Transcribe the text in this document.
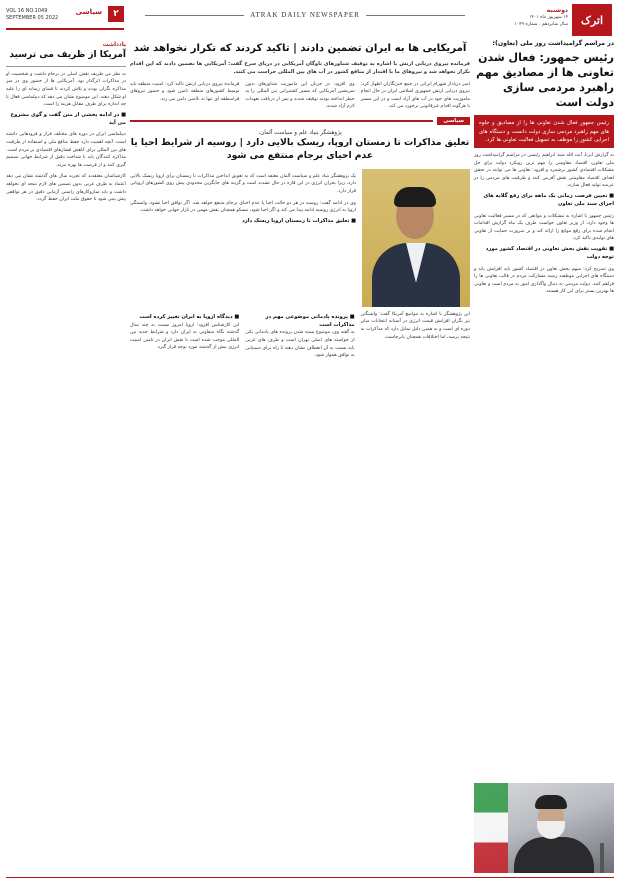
ATRAK DAILY NEWSPAPER	اترک
دوشنبه
۱۴ شهریور ماه ۱۴۰۱
سال شانزدهم . شماره ۱۰۴۹
VOL 16 NO.1049
SEPTEMBER 05 2022	۲
سیاسی
در مراسم گرامیداشت روز ملی (تعاون)؛
رئیس جمهور: فعال شدن تعاونی ها از مصادیق مهم راهبرد مردمی سازی دولت است
رئیس جمهور فعال شدن تعاونی ها را از مصادیق و جلوه های مهم راهبرد مردمی سازی دولت دانست و دستگاه های اجرایی کشور را موظف به تسهیل فعالیت تعاونی ها کرد.
به گزارش ایرنا، آیت الله سید ابراهیم رئیسی در مراسم گرامیداشت روز ملی تعاون، اقتصاد مقاومتی را مهم ترین رویکرد دولت برای حل مشکلات اقتصادی کشور برشمرد و افزود: تعاونی ها می توانند در تحقق اهداف اقتصاد مقاومتی نقش آفرینی کنند و ظرفیت های مردمی را در عرصه تولید فعال سازند.
■ تعیین فرصت زمانی یک ماهه برای رفع گلایه های اجرای سند ملی تعاون
رئیس جمهور با اشاره به مشکلات و موانعی که در مسیر فعالیت تعاونی ها وجود دارد، از وزیر تعاون خواست ظرف یک ماه گزارش اقدامات انجام شده برای رفع موانع را ارائه کند و بر ضرورت حمایت از تعاونی های تولیدی تاکید کرد.
■ تقویت نقش بخش تعاونی در اقتصاد کشور مورد توجه دولت
وی تصریح کرد: سهم بخش تعاون در اقتصاد کشور باید افزایش یابد و دستگاه های اجرایی موظفند زمینه مشارکت مردم در قالب تعاونی ها را فراهم کنند. دولت مردمی به دنبال واگذاری امور به مردم است و تعاونی ها بهترین بستر برای این کار هستند.
یادداشت
آمریکا از ظریف می ترسید
به نظر من ظریف نقش اصلی در برجام داشت و شخصیت او در مذاکرات اثرگذار بود. آمریکایی ها از حضور وی در میز مذاکره نگران بودند و تلاش کردند تا فضای رسانه ای را علیه او شکل دهند. این موضوع نشان می دهد که دیپلماسی فعال تا چه اندازه برای طرف مقابل هزینه زا است.
■ در ادامه بخشی از متن گفت و گوی مشروح می آید
دیپلماسی ایران در دوره های مختلف فراز و فرودهایی داشته است. آنچه اهمیت دارد حفظ منافع ملی و استفاده از ظرفیت های بین المللی برای کاهش فشارهای اقتصادی بر مردم است. مذاکره کنندگان باید با شناخت دقیق از شرایط جهانی تصمیم گیری کنند و از فرصت ها بهره ببرند.
کارشناسان معتقدند که تجربه سال های گذشته نشان می دهد اعتماد به طرف غربی بدون تضمین های لازم نتیجه ای نخواهد داشت و باید سازوکارهای راستی آزمایی دقیق در هر توافقی پیش بینی شود تا حقوق ملت ایران حفظ گردد.
آمریکایی ها به ایران تضمین دادند | تاکید کردند که تکرار نخواهد شد
فرمانده نیروی دریایی ارتش با اشاره به توقیف شناورهای ناوگان آمریکایی در دریای سرخ گفت: آمریکایی ها تضمین دادند که این اقدام تکرار نخواهد شد و نیروهای ما با اقتدار از منافع کشور در آب های بین المللی حراست می کنند.
امیر دریادار شهرام ایرانی در جمع خبرنگاران اظهار کرد: نیروی دریایی ارتش جمهوری اسلامی ایران در حال انجام ماموریت های خود در آب های آزاد است و در این مسیر با هرگونه اقدام غیرقانونی برخورد می کند.
وی افزود: در جریان این ماموریت شناورهای بدون سرنشین آمریکایی که مسیر کشتیرانی بین المللی را به خطر انداخته بودند توقیف شدند و پس از دریافت تعهدات لازم آزاد شدند.
فرمانده نیروی دریایی ارتش تاکید کرد: امنیت منطقه باید توسط کشورهای منطقه تامین شود و حضور نیروهای فرامنطقه ای تنها به ناامنی دامن می زند.
سیاسی
پژوهشگر بنیاد علم و سیاست آلمان:
تعلیق مذاکرات تا زمستان اروپا، ریسک بالایی دارد | روسیه از شرایط احیا یا عدم احیای برجام منتفع می شود
یک پژوهشگر بنیاد علم و سیاست آلمان معتقد است که به تعویق انداختن مذاکرات تا زمستان برای اروپا ریسک بالایی دارد، زیرا بحران انرژی در این قاره در حال تشدید است و گزینه های جایگزین محدودی پیش روی کشورهای اروپایی قرار دارد.
وی در ادامه گفت: روسیه در هر دو حالت احیا یا عدم احیای برجام منتفع خواهد شد. اگر توافق احیا نشود، وابستگی اروپا به انرژی روسیه ادامه پیدا می کند و اگر احیا شود، مسکو همچنان نقش مهمی در بازار جهانی خواهد داشت.
■ تعلیق مذاکرات تا زمستان اروپا ریسک دارد
این پژوهشگر با اشاره به مواضع آمریکا گفت: واشنگتن نیز نگران افزایش قیمت انرژی در آستانه انتخابات میان دوره ای است و به همین دلیل تمایل دارد که مذاکرات به نتیجه برسد، اما اختلافات همچنان پابرجاست.
■ پرونده پادمانی موضوعی مهم در مذاکرات است
به گفته وی، موضوع بسته شدن پرونده های پادمانی یکی از خواسته های اصلی تهران است و طرف های غربی باید نسبت به آن انعطاف نشان دهند تا راه برای دستیابی به توافق هموار شود.
■ دیدگاه اروپا به ایران تغییر کرده است
این کارشناس افزود: اروپا امروز نسبت به چند سال گذشته نگاه متفاوتی به ایران دارد و شرایط جدید بین المللی موجب شده است تا نقش ایران در تامین امنیت انرژی بیش از گذشته مورد توجه قرار گیرد.
